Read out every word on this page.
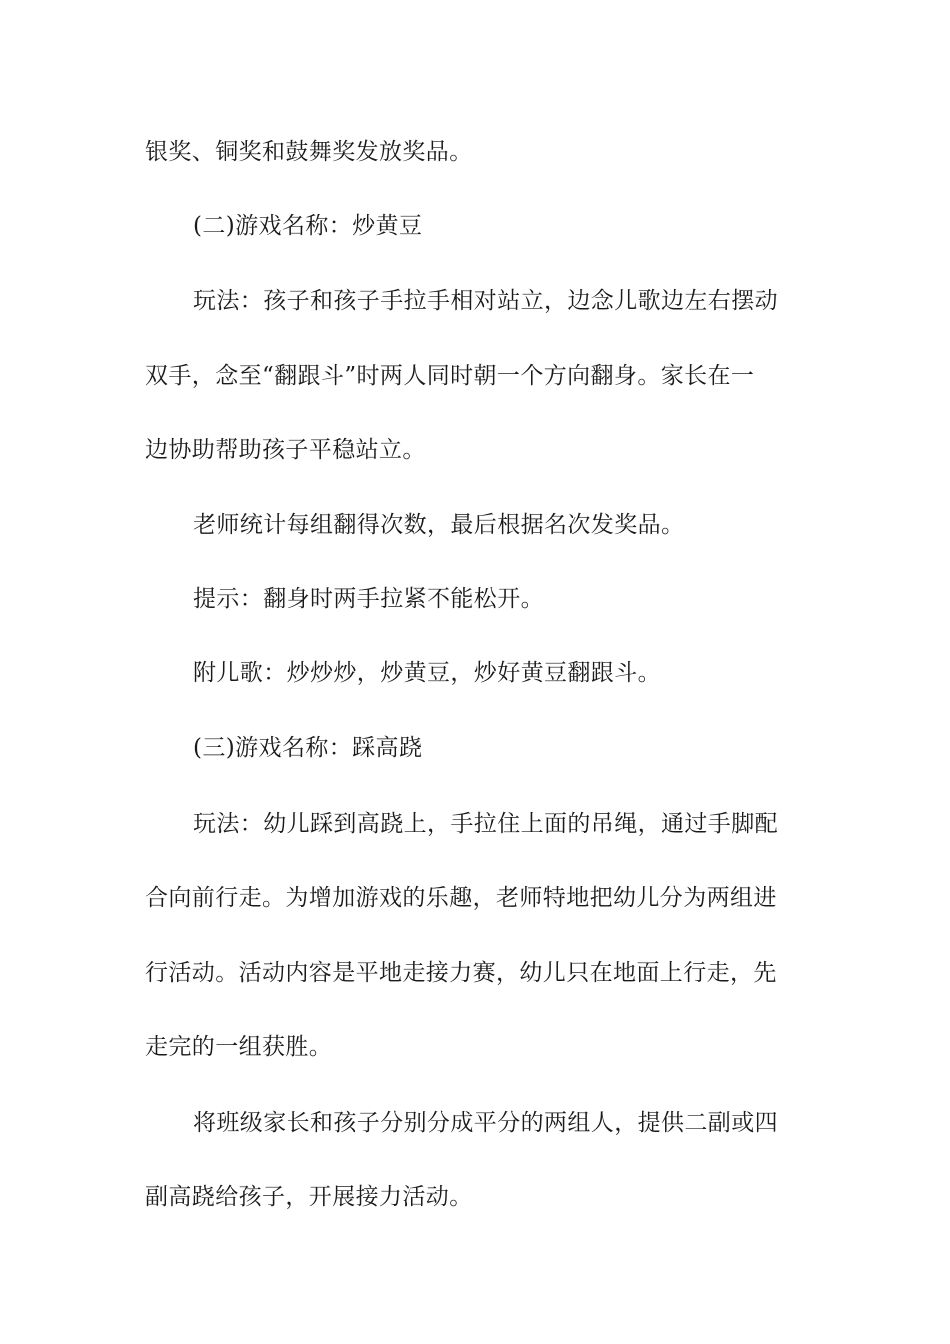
银奖、铜奖和鼓舞奖发放奖品。
(二)游戏名称：炒黄豆
玩法：孩子和孩子手拉手相对站立，边念儿歌边左右摆动
双手，念至“翻跟斗”时两人同时朝一个方向翻身。家长在一
边协助帮助孩子平稳站立。
老师统计每组翻得次数，最后根据名次发奖品。
提示：翻身时两手拉紧不能松开。
附儿歌：炒炒炒，炒黄豆，炒好黄豆翻跟斗。
(三)游戏名称：踩高跷
玩法：幼儿踩到高跷上，手拉住上面的吊绳，通过手脚配
合向前行走。为增加游戏的乐趣，老师特地把幼儿分为两组进
行活动。活动内容是平地走接力赛，幼儿只在地面上行走，先
走完的一组获胜。
将班级家长和孩子分别分成平分的两组人，提供二副或四
副高跷给孩子，开展接力活动。
